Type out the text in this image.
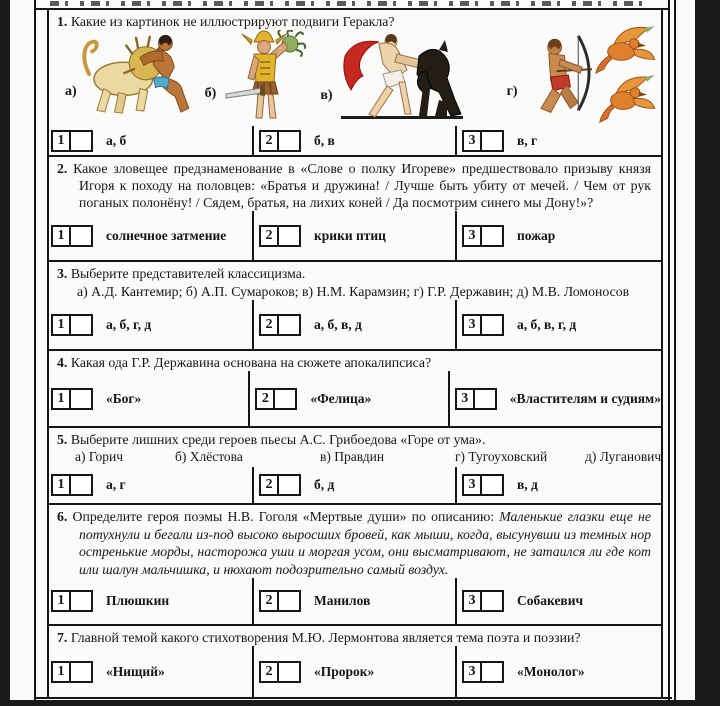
1. Какие из картинок не иллюстрируют подвиги Геракла?
а)	б)	в)	г)
1	а, б	2	б, в	3	в, г
2. Какое зловещее предзнаменование в «Слове о полку Игореве» предшествовало призыву князя Игоря к походу на половцев: «Братья и дружина! / Лучше быть убиту от мечей. / Чем от рук поганых полонёну! / Сядем, братья, на лихих коней / Да посмотрим синего мы Дону!»?
1	солнечное затмение	2	крики птиц	3	пожар
3. Выберите представителей классицизма.
а) А.Д. Кантемир; б) А.П. Сумароков; в) Н.М. Карамзин; г) Г.Р. Державин; д) М.В. Ломоносов
1	а, б, г, д	2	а, б, в, д	3	а, б, в, г, д
4. Какая ода Г.Р. Державина основана на сюжете апокалипсиса?
1	«Бог»	2	«Фелица»	3	«Властителям и судиям»
5. Выберите лишних среди героев пьесы А.С. Грибоедова «Горе от ума».
а) Горич	б) Хлёстова	в) Правдин	г) Тугоуховский	д) Луганович
1	а, г	2	б, д	3	в, д
6. Определите героя поэмы Н.В. Гоголя «Мертвые души» по описанию: Маленькие глазки еще не потухнули и бегали из-под высоко выросших бровей, как мыши, когда, высунувши из темных нор остренькие морды, насторожа уши и моргая усом, они высматривают, не затаился ли где кот или шалун мальчишка, и нюхают подозрительно самый воздух.
1	Плюшкин	2	Манилов	3	Собакевич
7. Главной темой какого стихотворения М.Ю. Лермонтова является тема поэта и поэзии?
1	«Нищий»	2	«Пророк»	3	«Монолог»
